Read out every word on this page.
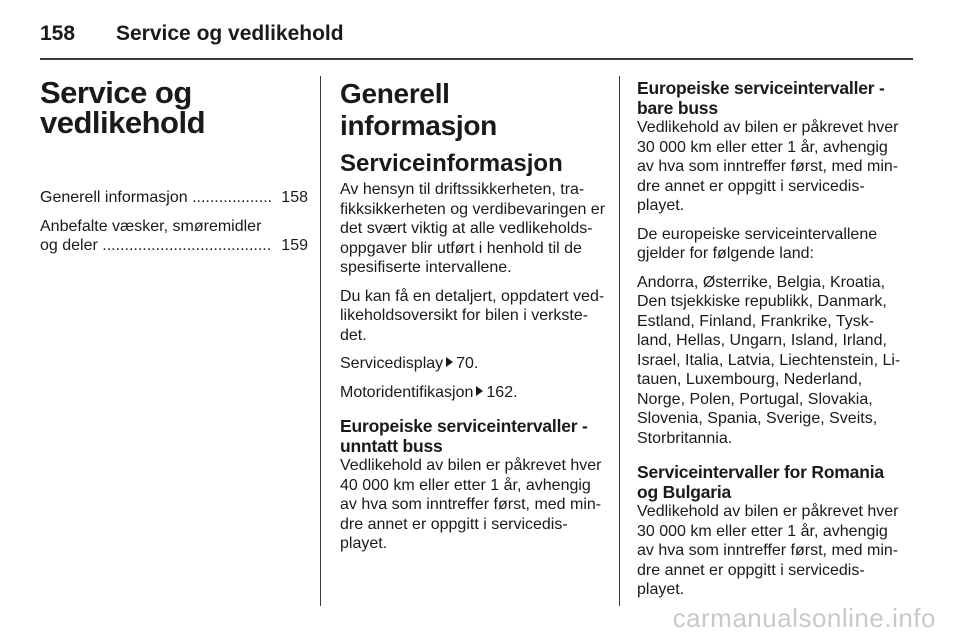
158	Service og vedlikehold
Service og
vedlikehold
Generell informasjon .................. 158
Anbefalte væsker, smøremidler
og deler ...................................... 159
Generell informasjon
Serviceinformasjon

Av hensyn til driftssikkerheten, tra-
fikksikkerheten og verdibevaringen er
det svært viktig at alle vedlikeholds-
oppgaver blir utført i henhold til de
spesifiserte intervallene.

Du kan få en detaljert, oppdatert ved-
likeholdsoversikt for bilen i verkste-
det.

Servicedisplay 70.

Motoridentifikasjon 162.

Europeiske serviceintervaller -
unntatt buss

Vedlikehold av bilen er påkrevet hver
40 000 km eller etter 1 år, avhengig
av hva som inntreffer først, med min-
dre annet er oppgitt i servicedis-
playet.

Europeiske serviceintervaller -
bare buss

Vedlikehold av bilen er påkrevet hver
30 000 km eller etter 1 år, avhengig
av hva som inntreffer først, med min-
dre annet er oppgitt i servicedis-
playet.

De europeiske serviceintervallene
gjelder for følgende land:

Andorra, Østerrike, Belgia, Kroatia,
Den tsjekkiske republikk, Danmark,
Estland, Finland, Frankrike, Tysk-
land, Hellas, Ungarn, Island, Irland,
Israel, Italia, Latvia, Liechtenstein, Li-
tauen, Luxembourg, Nederland,
Norge, Polen, Portugal, Slovakia,
Slovenia, Spania, Sverige, Sveits,
Storbritannia.

Serviceintervaller for Romania
og Bulgaria

Vedlikehold av bilen er påkrevet hver
30 000 km eller etter 1 år, avhengig
av hva som inntreffer først, med min-
dre annet er oppgitt i servicedis-
playet.

carmanualsonline.info
